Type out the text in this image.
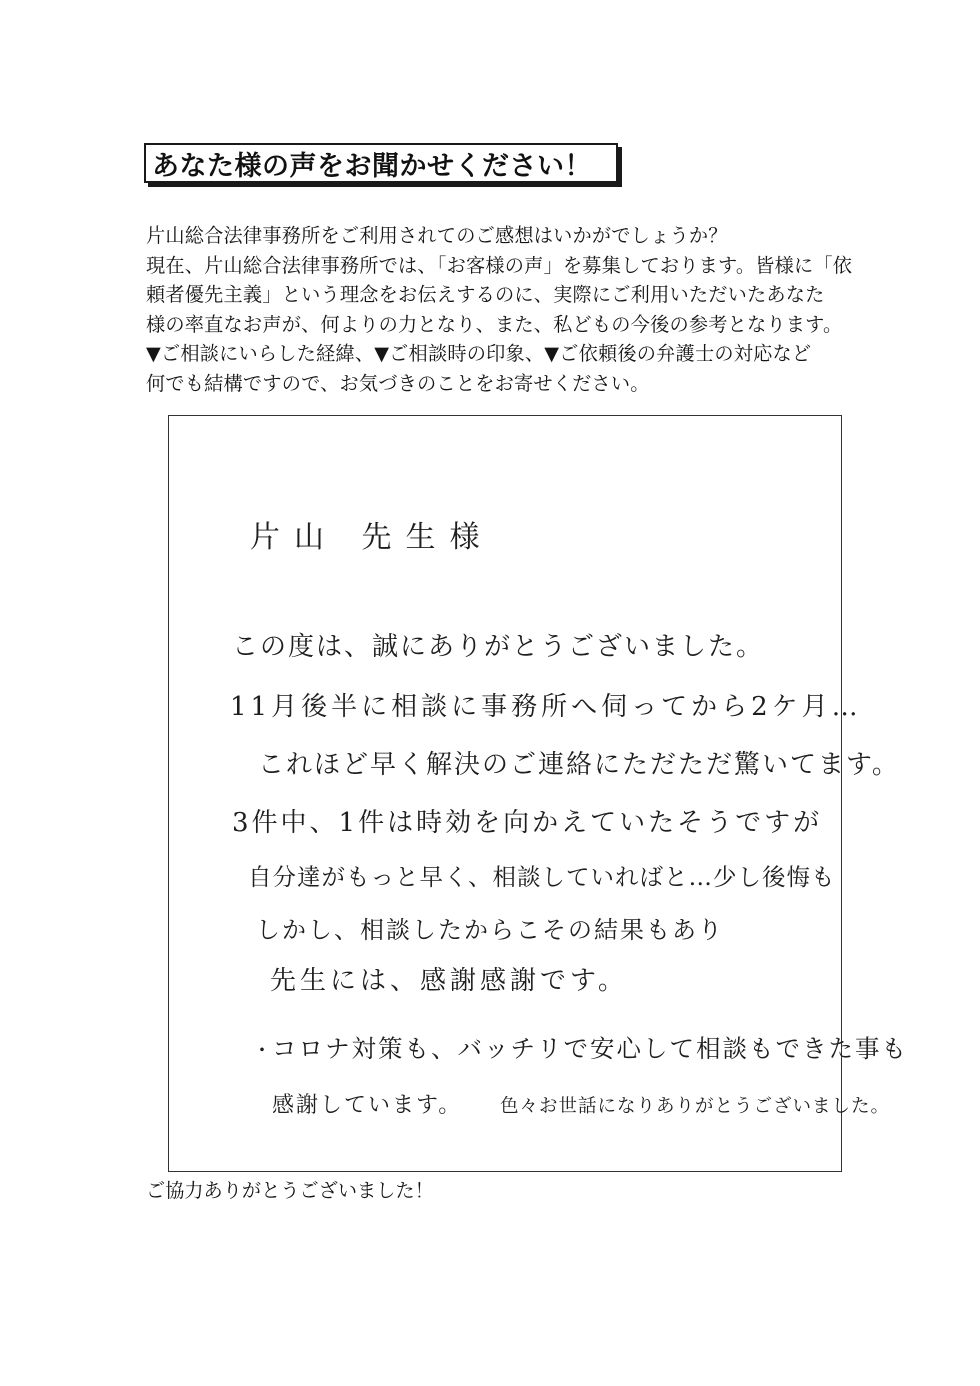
あなた様の声をお聞かせください！
片山総合法律事務所をご利用されてのご感想はいかがでしょうか？
現在、片山総合法律事務所では、「お客様の声」を募集しております。皆様に「依
頼者優先主義」という理念をお伝えするのに、実際にご利用いただいたあなた
様の率直なお声が、何よりの力となり、また、私どもの今後の参考となります。
▼ご相談にいらした経緯、▼ご相談時の印象、▼ご依頼後の弁護士の対応など
何でも結構ですので、お気づきのことをお寄せください。
片山 先生様
この度は、誠にありがとうございました。
11月後半に相談に事務所へ伺ってから2ケ月…
これほど早く解決のご連絡にただただ驚いてます。
3件中、1件は時効を向かえていたそうですが
自分達がもっと早く、相談していればと…少し後悔も
しかし、相談したからこその結果もあり
先生には、感謝感謝です。
・
コロナ対策も、バッチリで安心して相談もできた事も
感謝しています。 色々お世話になりありがとうございました。
ご協力ありがとうございました！
